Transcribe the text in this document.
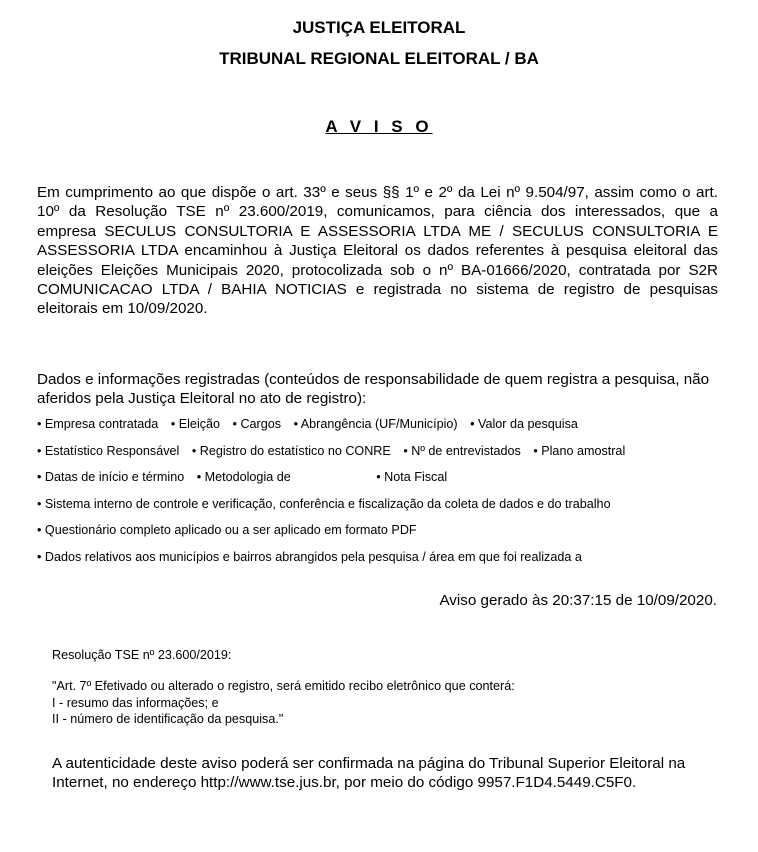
JUSTIÇA ELEITORAL
TRIBUNAL REGIONAL ELEITORAL / BA
A V I S O
Em cumprimento ao que dispõe o art. 33º e seus §§ 1º e 2º da Lei nº 9.504/97, assim como o art. 10º da Resolução TSE nº 23.600/2019, comunicamos, para ciência dos interessados, que a empresa SECULUS CONSULTORIA E ASSESSORIA LTDA ME / SECULUS CONSULTORIA E ASSESSORIA LTDA encaminhou à Justiça Eleitoral os dados referentes à pesquisa eleitoral das eleições Eleições Municipais 2020, protocolizada sob o nº BA-01666/2020, contratada por S2R COMUNICACAO LTDA / BAHIA NOTICIAS e registrada no sistema de registro de pesquisas eleitorais em 10/09/2020.
Dados e informações registradas (conteúdos de responsabilidade de quem registra a pesquisa, não aferidos pela Justiça Eleitoral no ato de registro):
• Empresa contratada • Eleição • Cargos • Abrangência (UF/Município) • Valor da pesquisa
• Estatístico Responsável • Registro do estatístico no CONRE • Nº de entrevistados • Plano amostral
• Datas de início e término • Metodologia de	• Nota Fiscal
• Sistema interno de controle e verificação, conferência e fiscalização da coleta de dados e do trabalho
• Questionário completo aplicado ou a ser aplicado em formato PDF
• Dados relativos aos municípios e bairros abrangidos pela pesquisa / área em que foi realizada a
Aviso gerado às 20:37:15 de 10/09/2020.
Resolução TSE nº 23.600/2019:
"Art. 7º Efetivado ou alterado o registro, será emitido recibo eletrônico que conterá:
I - resumo das informações; e
II - número de identificação da pesquisa."
A autenticidade deste aviso poderá ser confirmada na página do Tribunal Superior Eleitoral na Internet, no endereço http://www.tse.jus.br, por meio do código 9957.F1D4.5449.C5F0.
